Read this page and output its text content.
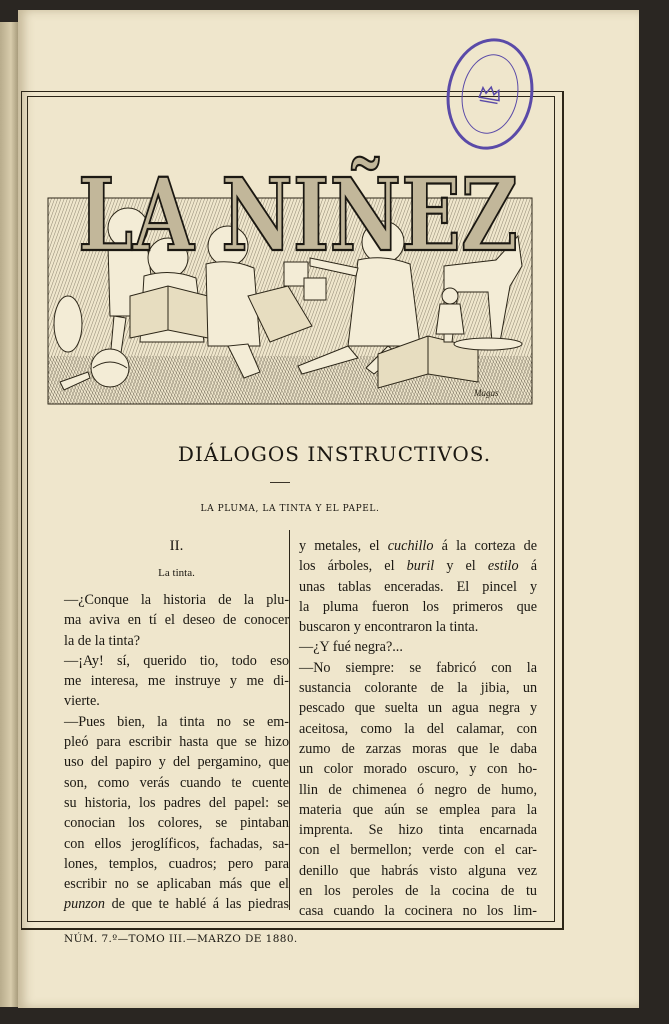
LA NIÑEZ
Magas
DIÁLOGOS INSTRUCTIVOS.
LA PLUMA, LA TINTA Y EL PAPEL.
II.
La tinta.
—¿Conque la historia de la plu-
ma aviva en tí el deseo de conocer
la de la tinta?
—¡Ay! sí, querido tio, todo eso
me interesa, me instruye y me di-
vierte.
—Pues bien, la tinta no se em-
pleó para escribir hasta que se hizo
uso del papiro y del pergamino, que
son, como verás cuando te cuente
su historia, los padres del papel: se
conocian los colores, se pintaban
con ellos jeroglíficos, fachadas, sa-
lones, templos, cuadros; pero para
escribir no se aplicaban más que el
punzon de que te hablé á las piedras
y metales, el cuchillo á la corteza de
los árboles, el buril y el estilo á
unas tablas enceradas. El pincel y
la pluma fueron los primeros que
buscaron y encontraron la tinta.
—¿Y fué negra?...
—No siempre: se fabricó con la
sustancia colorante de la jibia, un
pescado que suelta un agua negra y
aceitosa, como la del calamar, con
zumo de zarzas moras que le daba
un color morado oscuro, y con ho-
llin de chimenea ó negro de humo,
materia que aún se emplea para la
imprenta. Se hizo tinta encarnada
con el bermellon; verde con el car-
denillo que habrás visto alguna vez
en los peroles de la cocina de tu
casa cuando la cocinera no los lim-
NÚM. 7.º—TOMO III.—MARZO DE 1880.
